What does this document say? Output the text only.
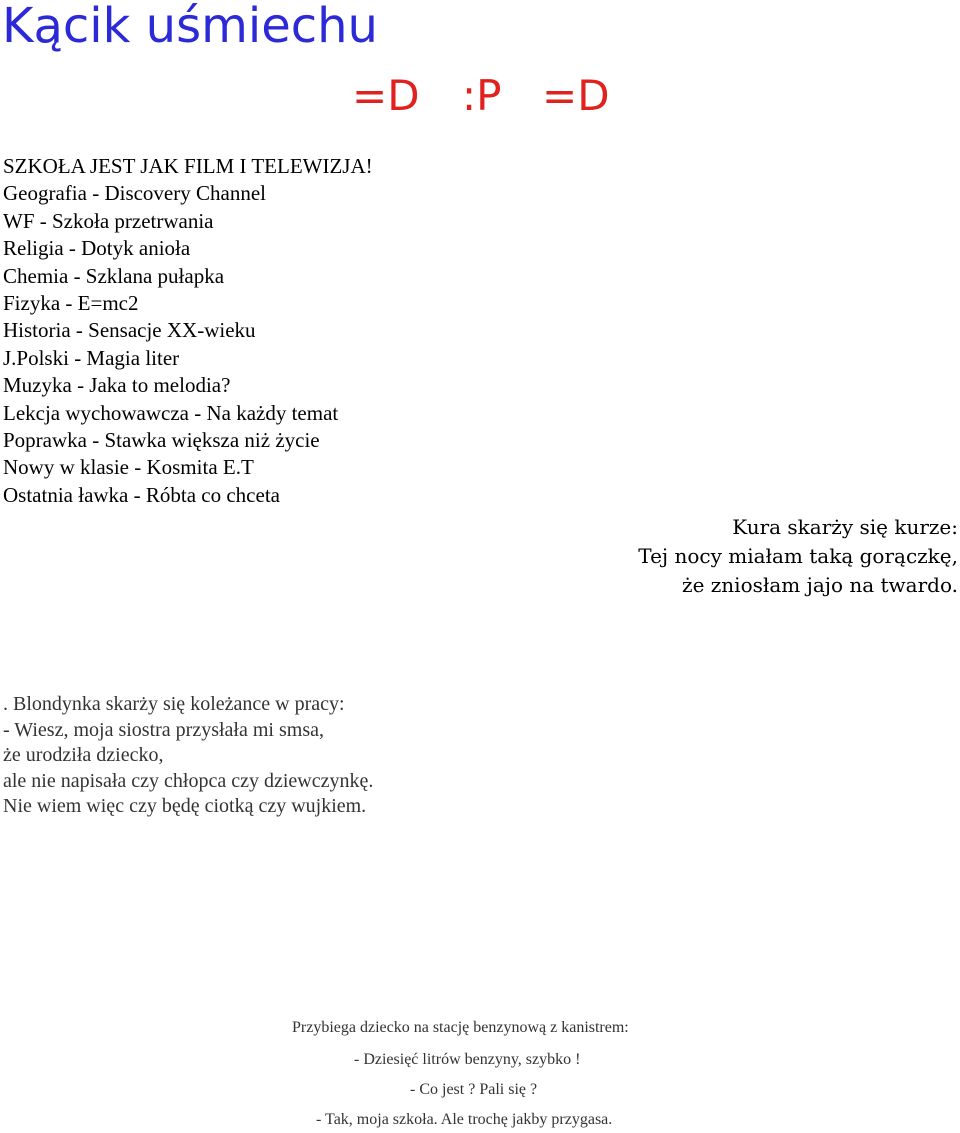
Kącik uśmiechu
=D :P =D
SZKOŁA JEST JAK FILM I TELEWIZJA!
Geografia - Discovery Channel
WF - Szkoła przetrwania
Religia - Dotyk anioła
Chemia - Szklana pułapka
Fizyka - E=mc2
Historia - Sensacje XX-wieku
J.Polski - Magia liter
Muzyka - Jaka to melodia?
Lekcja wychowawcza - Na każdy temat
Poprawka - Stawka większa niż życie
Nowy w klasie - Kosmita E.T
Ostatnia ławka - Róbta co chceta
Kura skarży się kurze:
Tej nocy miałam taką gorączkę,
że zniosłam jajo na twardo.
. Blondynka skarży się koleżance w pracy:
- Wiesz, moja siostra przysłała mi smsa,
że urodziła dziecko,
ale nie napisała czy chłopca czy dziewczynkę.
Nie wiem więc czy będę ciotką czy wujkiem.
Przybiega dziecko na stację benzynową z kanistrem:
- Dziesięć litrów benzyny, szybko !
- Co jest ? Pali się ?
- Tak, moja szkoła. Ale trochę jakby przygasa.
